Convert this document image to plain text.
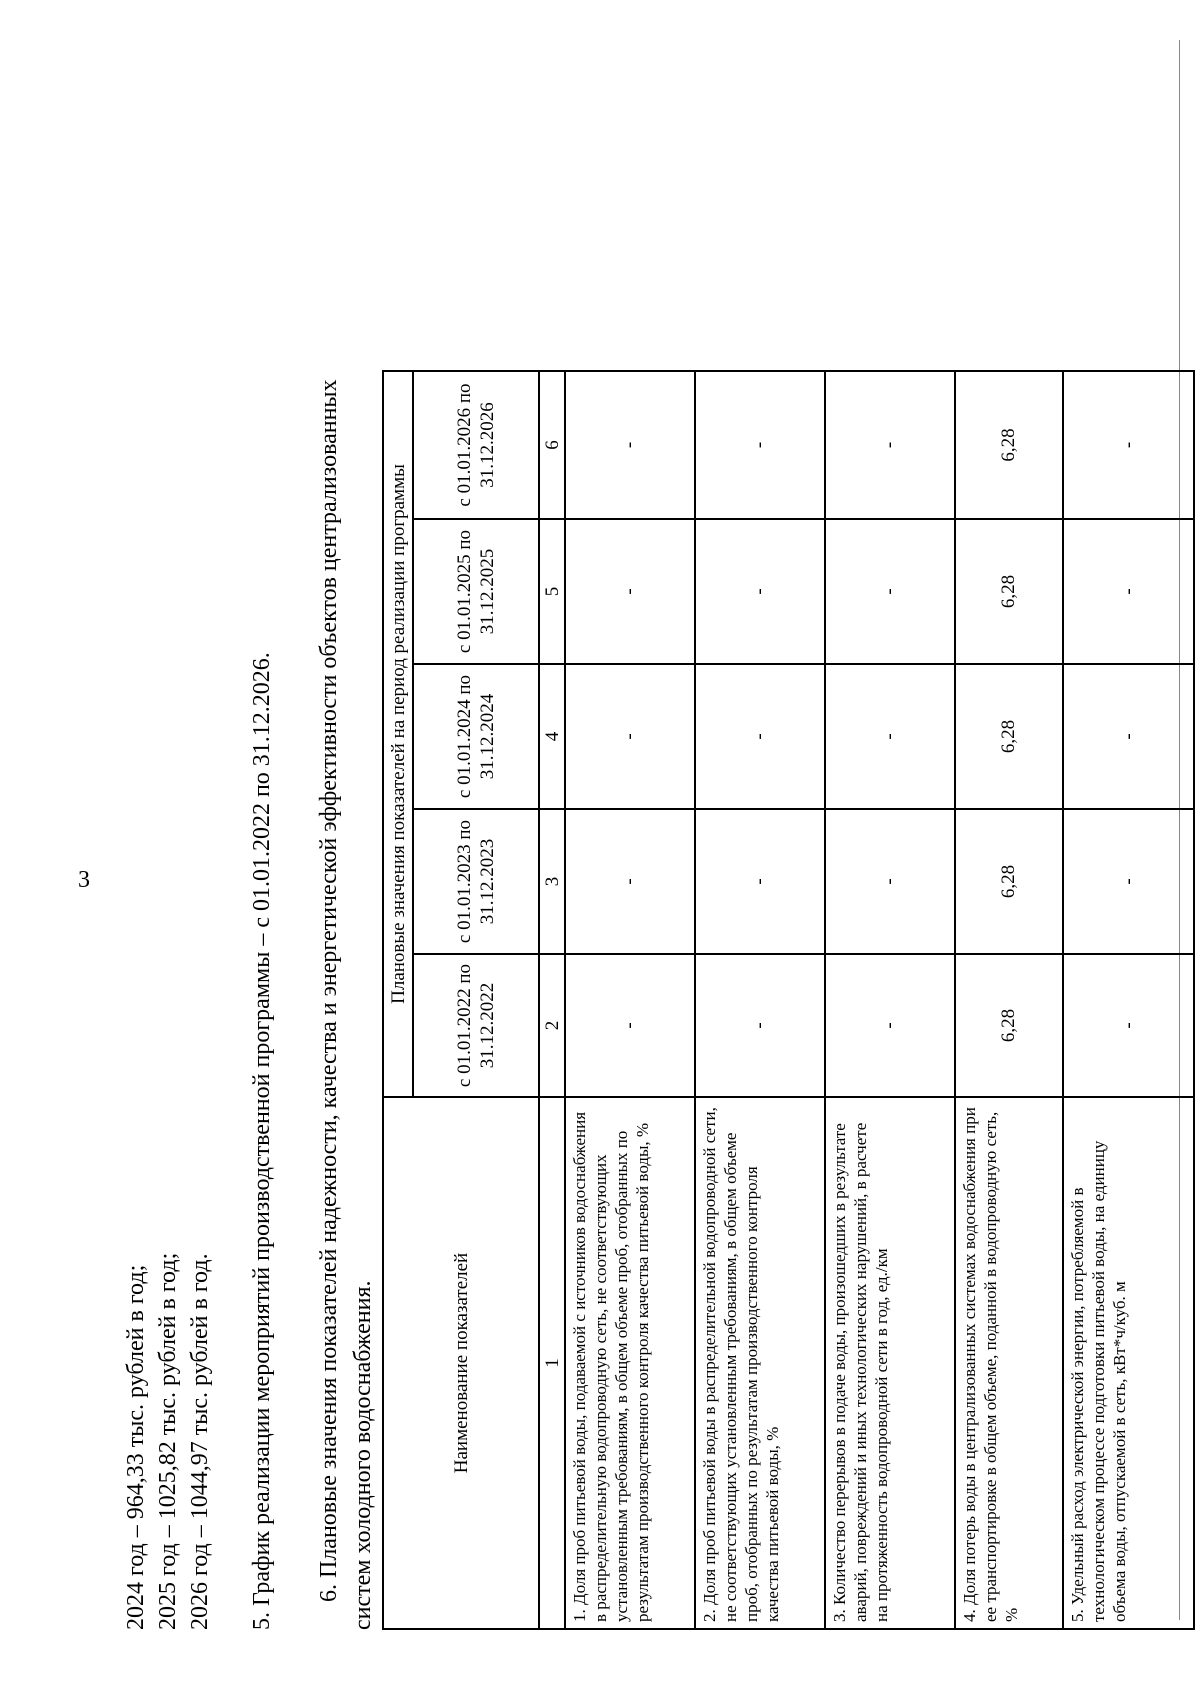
3
2024 год – 964,33 тыс. рублей в год; 2025 год – 1025,82 тыс. рублей в год; 2026 год – 1044,97 тыс. рублей в год. 5. График реализации мероприятий производственной программы – с 01.01.2022 по 31.12.2026. 6. Плановые значения показателей надежности, качества и энергетической эффективности объектов централизованных систем холодного водоснабжения.	Наименование показателей
Плановые значения показателей на период реализации программы
с 01.01.2022 по 31.12.2022
с 01.01.2023 по 31.12.2023
с 01.01.2024 по 31.12.2024
с 01.01.2025 по 31.12.2025
с 01.01.2026 по 31.12.2026
1
2
3
4
5
6
1. Доля проб питьевой воды, подаваемой с источников водоснабжения в распределительную водопроводную сеть, не соответствующих установленным требованиям, в общем объеме проб, отобранных по результатам производственного контроля качества питьевой воды, %
-
-
-
-
-
2. Доля проб питьевой воды в распределительной водопроводной сети, не соответствующих установленным требованиям, в общем объеме проб, отобранных по результатам производственного контроля качества питьевой воды, %
-
-
-
-
-
3. Количество перерывов в подаче воды, произошедших в результате аварий, повреждений и иных технологических нарушений, в расчете на протяженность водопроводной сети в год, ед./км
-
-
-
-
-
4. Доля потерь воды в централизованных системах водоснабжения при ее транспортировке в общем объеме, поданной в водопроводную сеть, %
6,28
6,28
6,28
6,28
6,28
5. Удельный расход электрической энергии, потребляемой в технологическом процессе подготовки питьевой воды, на единицу объема воды, отпускаемой в сеть, кВт*ч/куб. м
-
-
-
-
-
